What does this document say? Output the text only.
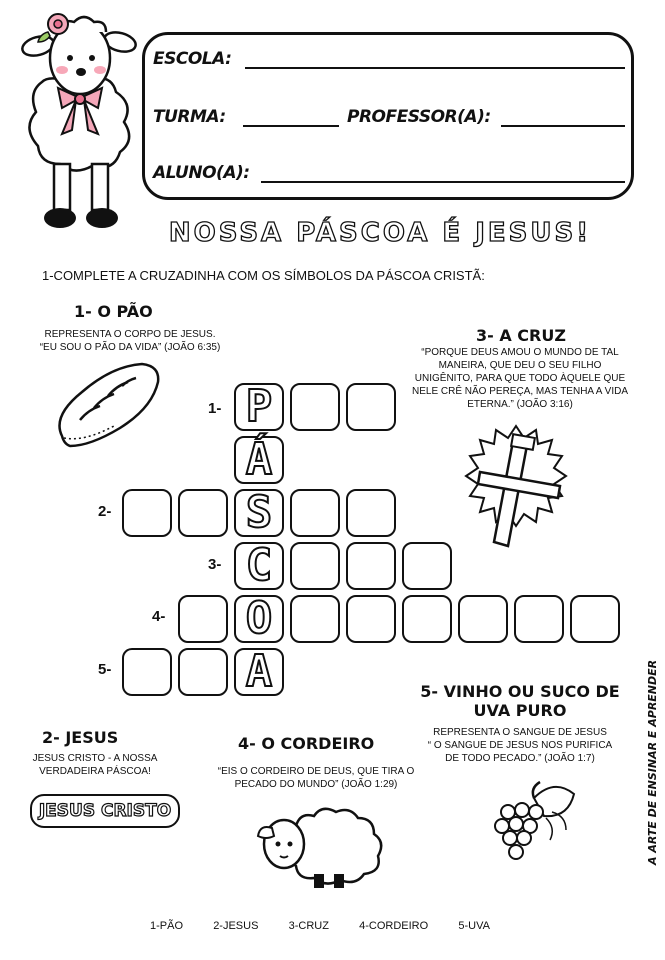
ESCOLA:
TURMA:	PROFESSOR(A):
ALUNO(A):
NOSSA PÁSCOA É JESUS!
1-COMPLETE A CRUZADINHA COM OS SÍMBOLOS DA PÁSCOA CRISTÃ:
1- O PÃO
REPRESENTA O CORPO DE JESUS.
“EU SOU O PÃO DA VIDA” (JOÃO 6:35)
3- A CRUZ
“PORQUE DEUS AMOU O MUNDO DE TAL
MANEIRA, QUE DEU O SEU FILHO
UNIGÊNITO, PARA QUE TODO ÀQUELE QUE
NELE CRÊ NÃO PEREÇA, MAS TENHA A VIDA
ETERNA.” (JOÃO 3:16)
1-
2-
3-
4-
5-
P
Á
S
C
O
A
2- JESUS
JESUS CRISTO - A NOSSA
VERDADEIRA PÁSCOA!
JESUS CRISTO
4- O CORDEIRO
“EIS O CORDEIRO DE DEUS, QUE TIRA O
PECADO DO MUNDO” (JOÃO 1:29)
5- VINHO OU SUCO DE
UVA PURO
REPRESENTA O SANGUE DE JESUS
“ O SANGUE DE JESUS NOS PURIFICA
DE TODO PECADO.” (JOÃO 1:7)	A ARTE DE ENSINAR E APRENDER
1-PÃO	2-JESUS	3-CRUZ	4-CORDEIRO	5-UVA
